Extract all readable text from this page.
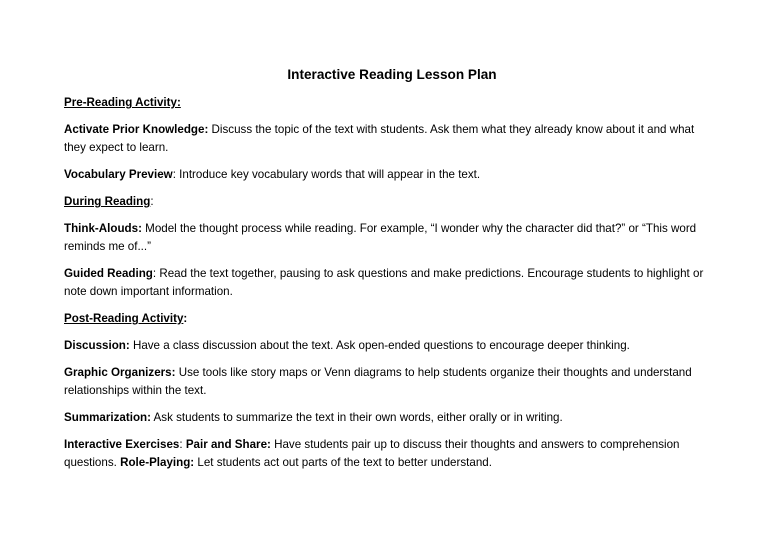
Interactive Reading Lesson Plan
Pre-Reading Activity:

Activate Prior Knowledge: Discuss the topic of the text with students. Ask them what they already know about it and what they expect to learn.

Vocabulary Preview: Introduce key vocabulary words that will appear in the text.

During Reading:

Think-Alouds: Model the thought process while reading. For example, “I wonder why the character did that?” or “This word reminds me of...”

Guided Reading: Read the text together, pausing to ask questions and make predictions. Encourage students to highlight or note down important information.

Post-Reading Activity:

Discussion: Have a class discussion about the text. Ask open-ended questions to encourage deeper thinking.

Graphic Organizers: Use tools like story maps or Venn diagrams to help students organize their thoughts and understand relationships within the text.

Summarization: Ask students to summarize the text in their own words, either orally or in writing.

Interactive Exercises: Pair and Share: Have students pair up to discuss their thoughts and answers to comprehension questions. Role-Playing: Let students act out parts of the text to better understand.
